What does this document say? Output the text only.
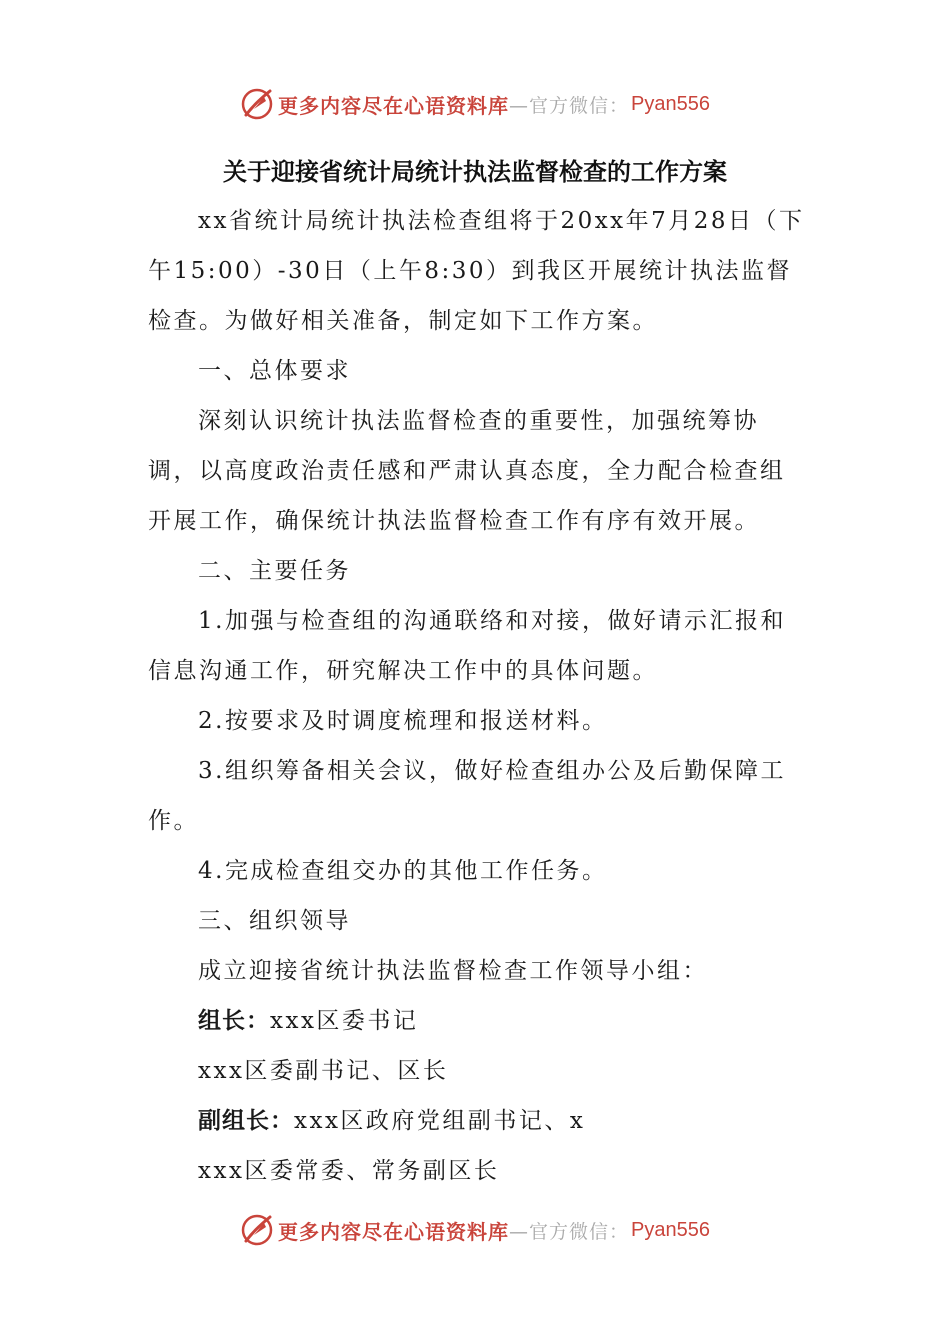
更多内容尽在心语资料库 —官方微信： Pyan556
关于迎接省统计局统计执法监督检查的工作方案

xx省统计局统计执法检查组将于20xx年7月28日（下午15:00）-30日（上午8:30）到我区开展统计执法监督检查。为做好相关准备，制定如下工作方案。

一、总体要求

深刻认识统计执法监督检查的重要性，加强统筹协调，以高度政治责任感和严肃认真态度，全力配合检查组开展工作，确保统计执法监督检查工作有序有效开展。

二、主要任务

1.加强与检查组的沟通联络和对接，做好请示汇报和信息沟通工作，研究解决工作中的具体问题。

2.按要求及时调度梳理和报送材料。

3.组织筹备相关会议，做好检查组办公及后勤保障工作。

4.完成检查组交办的其他工作任务。

三、组织领导

成立迎接省统计执法监督检查工作领导小组：

组长：xxx区委书记

xxx区委副书记、区长

副组长：xxx区政府党组副书记、x

xxx区委常委、常务副区长

更多内容尽在心语资料库 —官方微信： Pyan556
